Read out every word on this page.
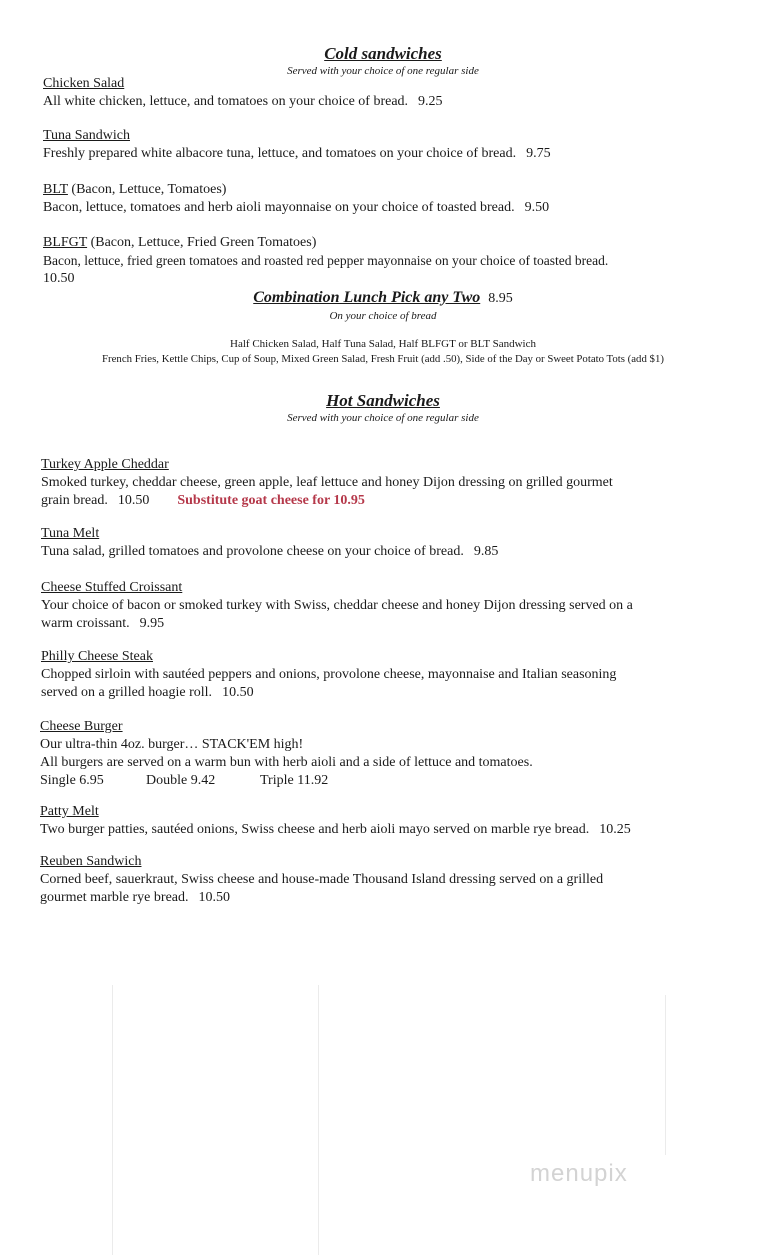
Cold sandwiches
Served with your choice of one regular side
Chicken Salad
All white chicken, lettuce, and tomatoes on your choice of bread. 9.25
Tuna Sandwich
Freshly prepared white albacore tuna, lettuce, and tomatoes on your choice of bread. 9.75
BLT (Bacon, Lettuce, Tomatoes)
Bacon, lettuce, tomatoes and herb aioli mayonnaise on your choice of toasted bread. 9.50
BLFGT (Bacon, Lettuce, Fried Green Tomatoes)
Bacon, lettuce, fried green tomatoes and roasted red pepper mayonnaise on your choice of toasted bread.
10.50
Combination Lunch Pick any Two 8.95
On your choice of bread
Half Chicken Salad, Half Tuna Salad, Half BLFGT or BLT Sandwich
French Fries, Kettle Chips, Cup of Soup, Mixed Green Salad, Fresh Fruit (add .50), Side of the Day or Sweet Potato Tots (add $1)
Hot Sandwiches
Served with your choice of one regular side
Turkey Apple Cheddar
Smoked turkey, cheddar cheese, green apple, leaf lettuce and honey Dijon dressing on grilled gourmet
grain bread. 10.50 Substitute goat cheese for 10.95
Tuna Melt
Tuna salad, grilled tomatoes and provolone cheese on your choice of bread. 9.85
Cheese Stuffed Croissant
Your choice of bacon or smoked turkey with Swiss, cheddar cheese and honey Dijon dressing served on a
warm croissant. 9.95
Philly Cheese Steak
Chopped sirloin with sautéed peppers and onions, provolone cheese, mayonnaise and Italian seasoning
served on a grilled hoagie roll. 10.50
Cheese Burger
Our ultra-thin 4oz. burger… STACK'EM high!
All burgers are served on a warm bun with herb aioli and a side of lettuce and tomatoes.
Single 6.95	Double 9.42	Triple 11.92
Patty Melt
Two burger patties, sautéed onions, Swiss cheese and herb aioli mayo served on marble rye bread. 10.25
Reuben Sandwich
Corned beef, sauerkraut, Swiss cheese and house-made Thousand Island dressing served on a grilled
gourmet marble rye bread. 10.50
menupix
